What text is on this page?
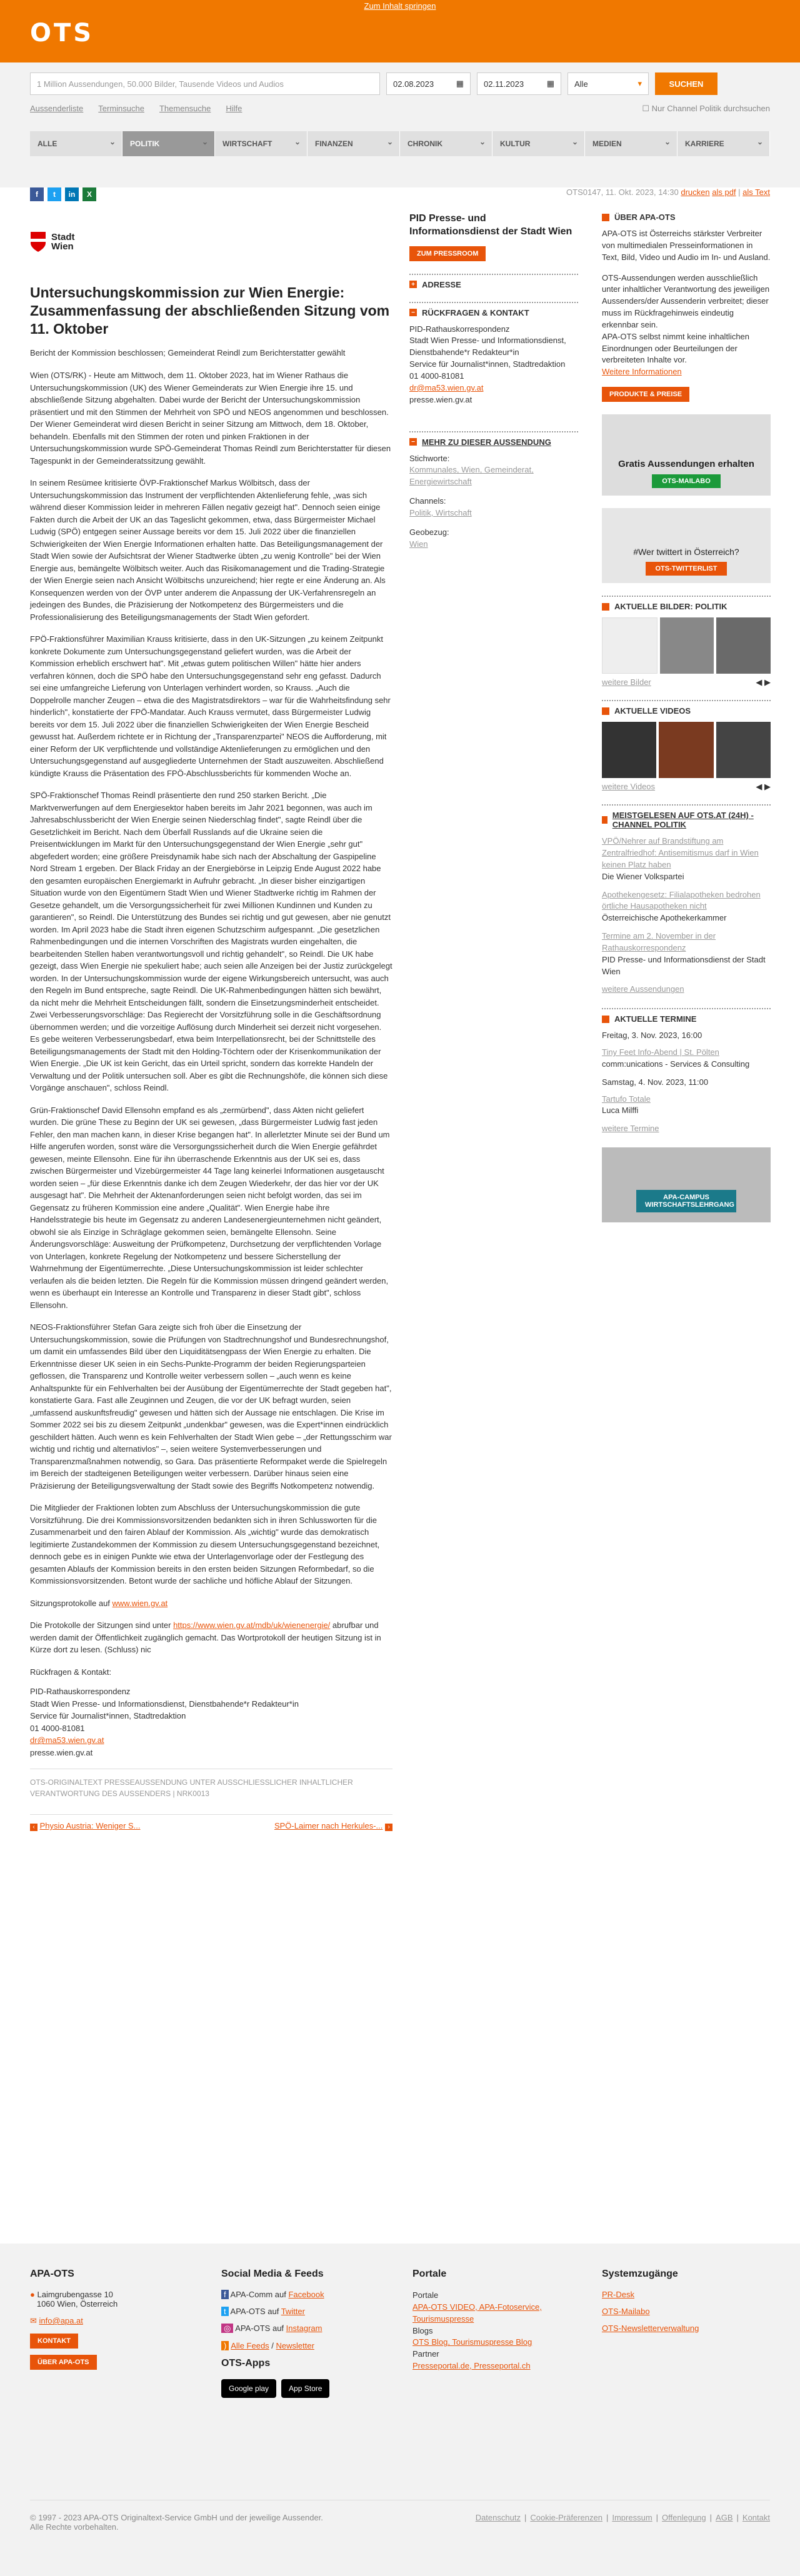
Zum Inhalt springen
OTS
1 Million Aussendungen, 50.000 Bilder, Tausende Videos und Audios	02.08.2023	▦ 02.11.2023	▦ Alle	▾	SUCHEN
Aussenderliste Terminsuche Themensuche Hilfe	☐ Nur Channel Politik durchsuchen
ALLE ⌄	POLITIK ⌄	WIRTSCHAFT ⌄	FINANZEN ⌄	CHRONIK ⌄	KULTUR ⌄	MEDIEN ⌄	KARRIERE ⌄
f	t	in	X	OTS0147, 11. Okt. 2023, 14:30 drucken als pdf | als Text
Stadt
Wien
Untersuchungskommission zur Wien Energie: Zusammenfassung der abschließenden Sitzung vom 11. Oktober

Bericht der Kommission beschlossen; Gemeinderat Reindl zum Berichterstatter gewählt

Wien (OTS/RK) - Heute am Mittwoch, dem 11. Oktober 2023, hat im Wiener Rathaus die Untersuchungskommission (UK) des Wiener Gemeinderats zur Wien Energie ihre 15. und abschließende Sitzung abgehalten. Dabei wurde der Bericht der Untersuchungskommission präsentiert und mit den Stimmen der Mehrheit von SPÖ und NEOS angenommen und beschlossen. Der Wiener Gemeinderat wird diesen Bericht in seiner Sitzung am Mittwoch, dem 18. Oktober, behandeln. Ebenfalls mit den Stimmen der roten und pinken Fraktionen in der Untersuchungskommission wurde SPÖ-Gemeinderat Thomas Reindl zum Berichterstatter für diesen Tagespunkt in der Gemeinderatssitzung gewählt.

In seinem Resümee kritisierte ÖVP-Fraktionschef Markus Wölbitsch, dass der Untersuchungskommission das Instrument der verpflichtenden Aktenlieferung fehle, „was sich während dieser Kommission leider in mehreren Fällen negativ gezeigt hat". Dennoch seien einige Fakten durch die Arbeit der UK an das Tageslicht gekommen, etwa, dass Bürgermeister Michael Ludwig (SPÖ) entgegen seiner Aussage bereits vor dem 15. Juli 2022 über die finanziellen Schwierigkeiten der Wien Energie Informationen erhalten hatte. Das Beteiligungsmanagement der Stadt Wien sowie der Aufsichtsrat der Wiener Stadtwerke übten „zu wenig Kontrolle" bei der Wien Energie aus, bemängelte Wölbitsch weiter. Auch das Risikomanagement und die Trading-Strategie der Wien Energie seien nach Ansicht Wölbitschs unzureichend; hier regte er eine Änderung an. Als Konsequenzen werden von der ÖVP unter anderem die Anpassung der UK-Verfahrensregeln an jedeingen des Bundes, die Präzisierung der Notkompetenz des Bürgermeisters und die Professionalisierung des Beteiligungsmanagements der Stadt Wien gefordert.

FPÖ-Fraktionsführer Maximilian Krauss kritisierte, dass in den UK-Sitzungen „zu keinem Zeitpunkt konkrete Dokumente zum Untersuchungsgegenstand geliefert wurden, was die Arbeit der Kommission erheblich erschwert hat". Mit „etwas gutem politischen Willen" hätte hier anders verfahren können, doch die SPÖ habe den Untersuchungsgegenstand sehr eng gefasst. Dadurch sei eine umfangreiche Lieferung von Unterlagen verhindert worden, so Krauss. „Auch die Doppelrolle mancher Zeugen – etwa die des Magistratsdirektors – war für die Wahrheitsfindung sehr hinderlich", konstatierte der FPÖ-Mandatar. Auch Krauss vermutet, dass Bürgermeister Ludwig bereits vor dem 15. Juli 2022 über die finanziellen Schwierigkeiten der Wien Energie Bescheid gewusst hat. Außerdem richtete er in Richtung der „Transparenzpartei" NEOS die Aufforderung, mit einer Reform der UK verpflichtende und vollständige Aktenlieferungen zu ermöglichen und den Untersuchungsgegenstand auf ausgegliederte Unternehmen der Stadt auszuweiten. Abschließend kündigte Krauss die Präsentation des FPÖ-Abschlussberichts für kommenden Woche an.

SPÖ-Fraktionschef Thomas Reindl präsentierte den rund 250 starken Bericht. „Die Marktverwerfungen auf dem Energiesektor haben bereits im Jahr 2021 begonnen, was auch im Jahresabschlussbericht der Wien Energie seinen Niederschlag findet", sagte Reindl über die Gesetzlichkeit im Bericht. Nach dem Überfall Russlands auf die Ukraine seien die Preisentwicklungen im Markt für den Untersuchungsgegenstand der Wien Energie „sehr gut" abgefedert worden; eine größere Preisdynamik habe sich nach der Abschaltung der Gaspipeline Nord Stream 1 ergeben. Der Black Friday an der Energiebörse in Leipzig Ende August 2022 habe den gesamten europäischen Energiemarkt in Aufruhr gebracht. „In dieser bisher einzigartigen Situation wurde von den Eigentümern Stadt Wien und Wiener Stadtwerke richtig im Rahmen der Gesetze gehandelt, um die Versorgungssicherheit für zwei Millionen Kundinnen und Kunden zu garantieren", so Reindl. Die Unterstützung des Bundes sei richtig und gut gewesen, aber nie genutzt worden. Im April 2023 habe die Stadt ihren eigenen Schutzschirm aufgespannt. „Die gesetzlichen Rahmenbedingungen und die internen Vorschriften des Magistrats wurden eingehalten, die bearbeitenden Stellen haben verantwortungsvoll und richtig gehandelt", so Reindl. Die UK habe gezeigt, dass Wien Energie nie spekuliert habe; auch seien alle Anzeigen bei der Justiz zurückgelegt worden. In der Untersuchungskommission wurde der eigene Wirkungsbereich untersucht, was auch den Regeln im Bund entspreche, sagte Reindl. Die UK-Rahmenbedingungen hätten sich bewährt, da nicht mehr die Mehrheit Entscheidungen fällt, sondern die Einsetzungsminderheit entscheidet. Zwei Verbesserungsvorschläge: Das Regierecht der Vorsitzführung solle in die Geschäftsordnung übernommen werden; und die vorzeitige Auflösung durch Minderheit sei derzeit nicht vorgesehen. Es gebe weiteren Verbesserungsbedarf, etwa beim Interpellationsrecht, bei der Schnittstelle des Beteiligungsmanagements der Stadt mit den Holding-Töchtern oder der Krisenkommunikation der Wien Energie. „Die UK ist kein Gericht, das ein Urteil spricht, sondern das korrekte Handeln der Verwaltung und der Politik untersuchen soll. Aber es gibt die Rechnungshöfe, die können sich diese Vorgänge anschauen", schloss Reindl.

Grün-Fraktionschef David Ellensohn empfand es als „zermürbend", dass Akten nicht geliefert wurden. Die grüne These zu Beginn der UK sei gewesen, „dass Bürgermeister Ludwig fast jeden Fehler, den man machen kann, in dieser Krise begangen hat". In allerletzter Minute sei der Bund um Hilfe angerufen worden, sonst wäre die Versorgungssicherheit durch die Wien Energie gefährdet gewesen, meinte Ellensohn. Eine für ihn überraschende Erkenntnis aus der UK sei es, dass zwischen Bürgermeister und Vizebürgermeister 44 Tage lang keinerlei Informationen ausgetauscht worden seien – „für diese Erkenntnis danke ich dem Zeugen Wiederkehr, der das hier vor der UK ausgesagt hat". Die Mehrheit der Aktenanforderungen seien nicht befolgt worden, das sei im Gegensatz zu früheren Kommission eine andere „Qualität". Wien Energie habe ihre Handelsstrategie bis heute im Gegensatz zu anderen Landesenergieunternehmen nicht geändert, obwohl sie als Einzige in Schräglage gekommen seien, bemängelte Ellensohn. Seine Änderungsvorschläge: Ausweitung der Prüfkompetenz, Durchsetzung der verpflichtenden Vorlage von Unterlagen, konkrete Regelung der Notkompetenz und bessere Sicherstellung der Wahrnehmung der Eigentümerrechte. „Diese Untersuchungskommission ist leider schlechter verlaufen als die beiden letzten. Die Regeln für die Kommission müssen dringend geändert werden, wenn es überhaupt ein Interesse an Kontrolle und Transparenz in dieser Stadt gibt", schloss Ellensohn.

NEOS-Fraktionsführer Stefan Gara zeigte sich froh über die Einsetzung der Untersuchungskommission, sowie die Prüfungen von Stadtrechnungshof und Bundesrechnungshof, um damit ein umfassendes Bild über den Liquiditätsengpass der Wien Energie zu erhalten. Die Erkenntnisse dieser UK seien in ein Sechs-Punkte-Programm der beiden Regierungsparteien geflossen, die Transparenz und Kontrolle weiter verbessern sollen – „auch wenn es keine Anhaltspunkte für ein Fehlverhalten bei der Ausübung der Eigentümerrechte der Stadt gegeben hat", konstatierte Gara. Fast alle Zeuginnen und Zeugen, die vor der UK befragt wurden, seien „umfassend auskunftsfreudig" gewesen und hätten sich der Aussage nie entschlagen. Die Krise im Sommer 2022 sei bis zu diesem Zeitpunkt „undenkbar" gewesen, was die Expert*innen eindrücklich geschildert hätten. Auch wenn es kein Fehlverhalten der Stadt Wien gebe – „der Rettungsschirm war wichtig und richtig und alternativlos" –, seien weitere Systemverbesserungen und Transparenzmaßnahmen notwendig, so Gara. Das präsentierte Reformpaket werde die Spielregeln im Bereich der stadteigenen Beteiligungen weiter verbessern. Darüber hinaus seien eine Präzisierung der Beteiligungsverwaltung der Stadt sowie des Begriffs Notkompetenz notwendig.

Die Mitglieder der Fraktionen lobten zum Abschluss der Untersuchungskommission die gute Vorsitzführung. Die drei Kommissionsvorsitzenden bedankten sich in ihren Schlussworten für die Zusammenarbeit und den fairen Ablauf der Kommission. Als „wichtig" wurde das demokratisch legitimierte Zustandekommen der Kommission zu diesem Untersuchungsgegenstand bezeichnet, dennoch gebe es in einigen Punkte wie etwa der Unterlagenvorlage oder der Festlegung des gesamten Ablaufs der Kommission bereits in den ersten beiden Sitzungen Reformbedarf, so die Kommissionsvorsitzenden. Betont wurde der sachliche und höfliche Ablauf der Sitzungen.

Sitzungsprotokolle auf www.wien.gv.at

Die Protokolle der Sitzungen sind unter https://www.wien.gv.at/mdb/uk/wienenergie/ abrufbar und werden damit der Öffentlichkeit zugänglich gemacht. Das Wortprotokoll der heutigen Sitzung ist in Kürze dort zu lesen. (Schluss) nic

Rückfragen & Kontakt:

PID-Rathauskorrespondenz
Stadt Wien Presse- und Informationsdienst, Dienstbahende*r Redakteur*in
Service für Journalist*innen, Stadtredaktion
01 4000-81081
dr@ma53.wien.gv.at
presse.wien.gv.at

OTS-ORIGINALTEXT PRESSEAUSSENDUNG UNTER AUSSCHLIESSLICHER INHALTLICHER VERANTWORTUNG DES AUSSENDERS | NRK0013

‹ Physio Austria: Weniger S...	SPÖ-Laimer nach Herkules-... ›
PID Presse- und Informationsdienst der Stadt Wien
ZUM PRESSROOM
+ ADRESSE
− RÜCKFRAGEN & KONTAKT
PID-Rathauskorrespondenz
Stadt Wien Presse- und Informationsdienst, Dienstbahende*r Redakteur*in
Service für Journalist*innen, Stadtredaktion
01 4000-81081
dr@ma53.wien.gv.at
presse.wien.gv.at
− MEHR ZU DIESER AUSSENDUNG
Stichworte:
Kommunales, Wien, Gemeinderat, Energiewirtschaft
Channels:
Politik, Wirtschaft
Geobezug:
Wien
ÜBER APA-OTS

APA-OTS ist Österreichs stärkster Verbreiter von multimedialen Presseinformationen in Text, Bild, Video und Audio im In- und Ausland.

OTS-Aussendungen werden ausschließlich unter inhaltlicher Verantwortung des jeweiligen Aussenders/der Aussenderin verbreitet; dieser muss im Rückfragehinweis eindeutig erkennbar sein.

APA-OTS selbst nimmt keine inhaltlichen Einordnungen oder Beurteilungen der verbreiteten Inhalte vor.

Weitere Informationen
PRODUKTE & PREISE
Gratis Aussendungen erhalten
OTS-MAILABO
#Wer twittert in Österreich?
OTS-TWITTERLIST
AKTUELLE BILDER: POLITIK
weitere Bilder	◀ ▶
AKTUELLE VIDEOS
weitere Videos	◀ ▶
MEISTGELESEN AUF OTS.AT (24H) - CHANNEL POLITIK
VPÖ/Nehrer auf Brandstiftung am Zentralfriedhof: Antisemitismus darf in Wien keinen Platz haben
Die Wiener Volkspartei
Apothekengesetz: Filialapotheken bedrohen örtliche Hausapotheken nicht
Österreichische Apothekerkammer
Termine am 2. November in der Rathauskorrespondenz
PID Presse- und Informationsdienst der Stadt Wien
weitere Aussendungen
AKTUELLE TERMINE
Freitag, 3. Nov. 2023, 16:00
Tiny Feet Info-Abend | St. Pölten
comm:unications - Services & Consulting
Samstag, 4. Nov. 2023, 11:00
Tartufo Totale
Luca Milffi
weitere Termine
APA-CAMPUS WIRTSCHAFTSLEHRGANG
APA-OTS
● Laimgrubengasse 10
1060 Wien, Österreich
✉ info@apa.at
KONTAKT
ÜBER APA-OTS
Social Media & Feeds
f APA-Comm auf Facebook
t APA-OTS auf Twitter
◎ APA-OTS auf Instagram
) Alle Feeds / Newsletter
OTS-Apps
Google play	App Store
Portale
Portale
APA-OTS VIDEO, APA-Fotoservice, Tourismuspresse
Blogs
OTS Blog, Tourismuspresse Blog
Partner
Presseportal.de, Presseportal.ch
Systemzugänge
PR-Desk
OTS-Mailabo
OTS-Newsletterverwaltung
© 1997 - 2023 APA-OTS Originaltext-Service GmbH und der jeweilige Aussender.
Alle Rechte vorbehalten.
Datenschutz | Cookie-Präferenzen | Impressum | Offenlegung | AGB | Kontakt
